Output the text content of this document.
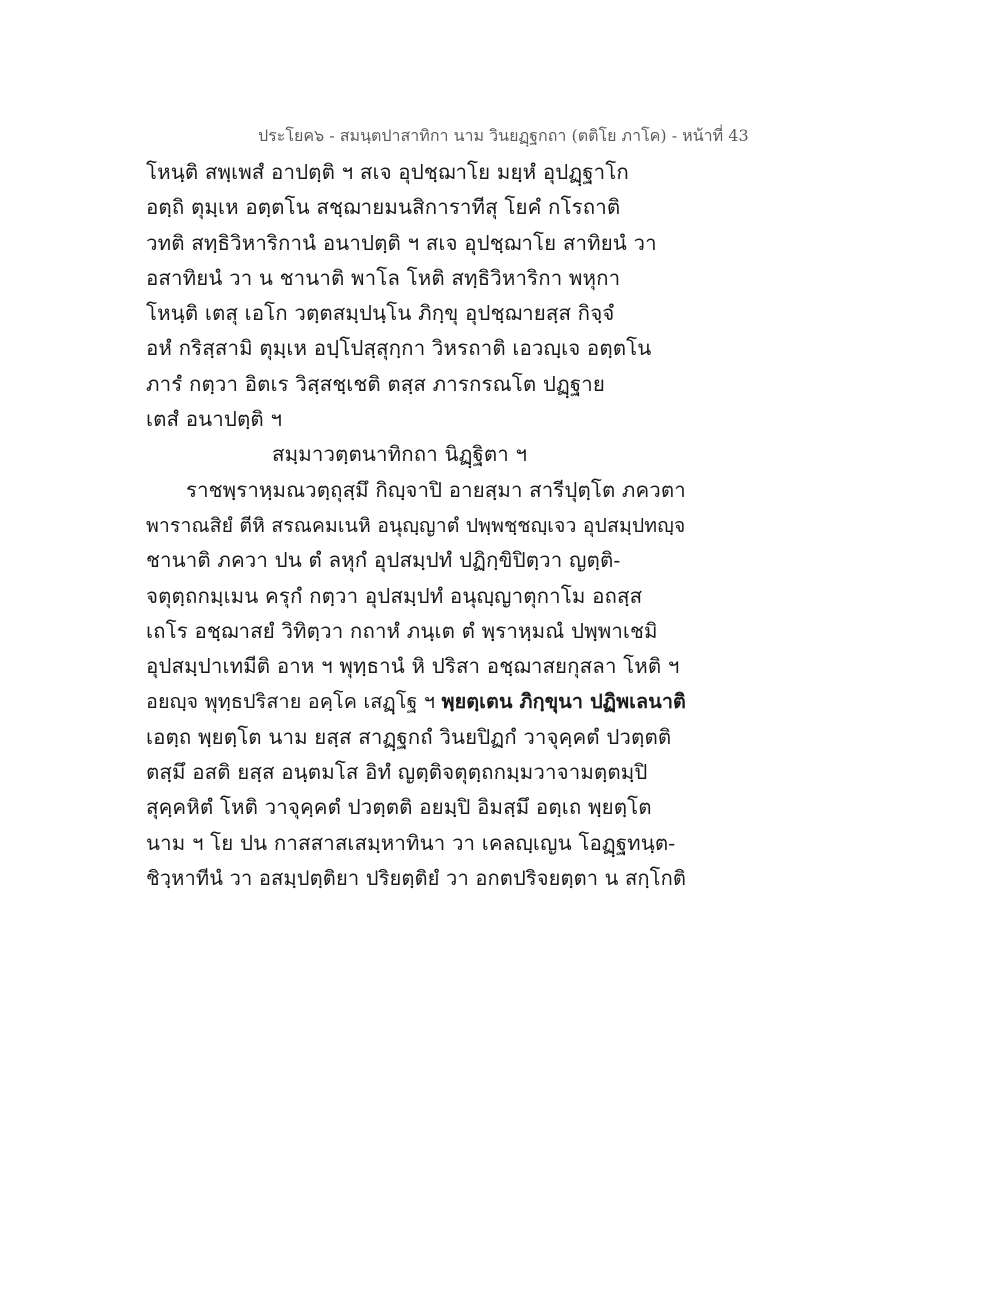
ประโยค๖ - สมนฺตปาสาทิกา นาม วินยฏฺฐกถา (ตติโย ภาโค) - หน้าที่ 43
โหนฺติ สพฺเพสํ อาปตฺติ ฯ สเจ อุปชฺฌาโย มยฺหํ อุปฏฺฐาโก
อตฺถิ ตุมฺเห อตฺตโน สชฺฌายมนสิการาทีสุ โยคํ กโรถาติ
วทติ สทฺธิวิหาริกานํ อนาปตฺติ ฯ สเจ อุปชฺฌาโย สาทิยนํ วา
อสาทิยนํ วา น ชานาติ พาโล โหติ สทฺธิวิหาริกา พหุกา
โหนฺติ เตสุ เอโก วตฺตสมฺปนฺโน ภิกฺขุ อุปชฺฌายสฺส กิจฺจํ
อหํ กริสฺสามิ ตุมฺเห อปฺโปสฺสุกฺกา วิหรถาติ เอวญฺเจ อตฺตโน
ภารํ กตฺวา อิตเร วิสฺสชฺเชติ ตสฺส ภารกรณโต ปฏฺฐาย
เตสํ อนาปตฺติ ฯ
สมฺมาวตฺตนาทิกถา นิฏฺฐิตา ฯ
ราชพฺราหฺมณวตฺถุสฺมึ กิญฺจาปิ อายสฺมา สารีปุตฺโต ภควตา
พาราณสิยํ ตีหิ สรณคมเนหิ อนุญฺญาตํ ปพฺพชฺชญฺเจว อุปสมฺปทญฺจ
ชานาติ ภควา ปน ตํ ลหุกํ อุปสมฺปทํ ปฏิกฺขิปิตฺวา ญตฺติ-
จตุตฺถกมฺเมน ครุกํ กตฺวา อุปสมฺปทํ อนุญฺญาตุกาโม อถสฺส
เถโร อชฺฌาสยํ วิทิตฺวา กถาหํ ภนฺเต ตํ พฺราหฺมณํ ปพฺพาเชมิ
อุปสมฺปาเทมีติ อาห ฯ พุทฺธานํ หิ ปริสา อชฺฌาสยกุสลา โหติ ฯ
อยญฺจ พุทฺธปริสาย อคฺโค เสฏฺโฐ ฯ พฺยตฺเตน ภิกฺขุนา ปฏิพเลนาติ
เอตฺถ พฺยตฺโต นาม ยสฺส สาฏฺฐกถํ วินยปิฏกํ วาจุคฺคตํ ปวตฺตติ
ตสฺมึ อสติ ยสฺส อนฺตมโส อิทํ ญตฺติจตุตฺถกมฺมวาจามตฺตมฺปิ
สุคฺคหิตํ โหติ วาจุคฺคตํ ปวตฺตติ อยมฺปิ อิมสฺมึ อตฺเถ พฺยตฺโต
นาม ฯ โย ปน กาสสาสเสมฺหาทินา วา เคลญฺเญน โอฏฺฐทนฺต-
ชิวฺหาทีนํ วา อสมฺปตฺติยา ปริยตฺติยํ วา อกตปริจยตฺตา น สกฺโกติ
